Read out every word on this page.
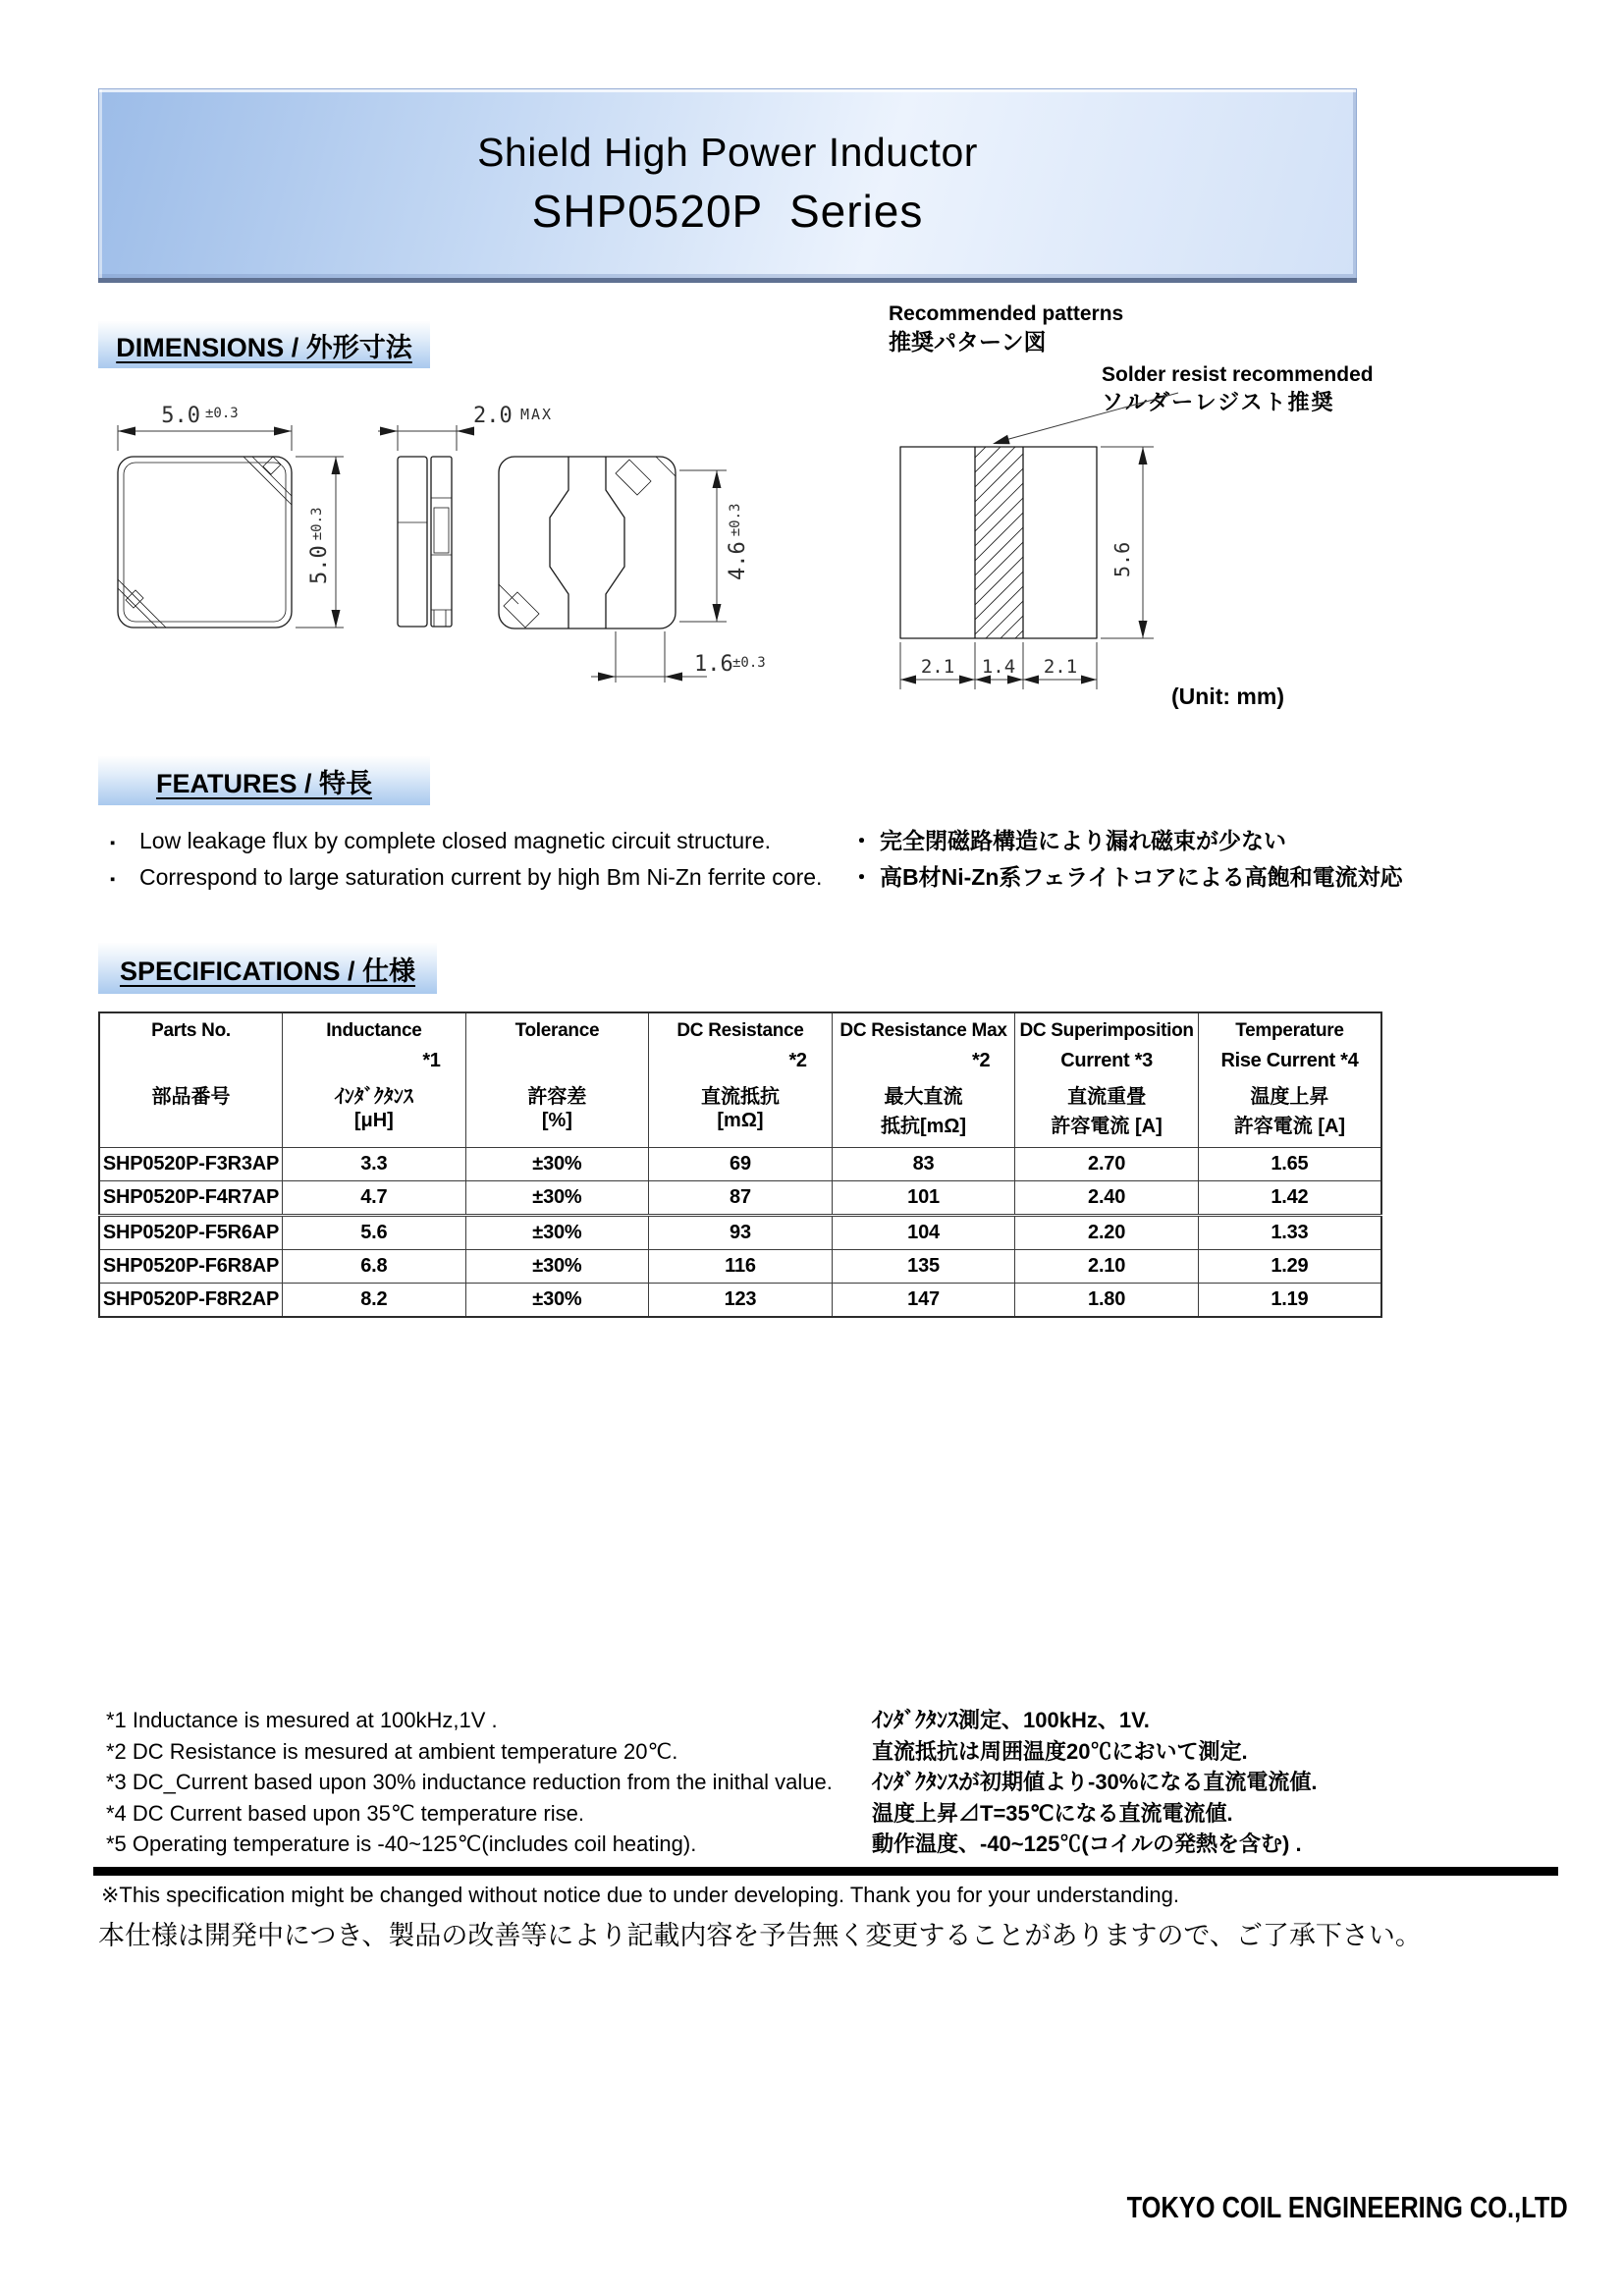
Shield High Power Inductor
SHP0520P  Series
DIMENSIONS / 外形寸法
Recommended patterns
推奨パターン図
Solder resist recommended
ソルダーレジスト推奨
5.0 ±0.3
$5.0^{\pm 0.3}$
2.0 MAX
$4.6^{\pm 0.3}$
1.6 ±0.3
5.6
2.1 1.4 2.1
(Unit: mm)
FEATURES / 特長
▪	Low leakage flux by complete closed magnetic circuit structure.
▪	Correspond to large saturation current by high Bm Ni-Zn ferrite core.
・ 完全閉磁路構造により漏れ磁束が少ない
・ 高B材Ni-Zn系フェライトコアによる高飽和電流対応
SPECIFICATIONS / 仕様
Parts No.
部品番号

Inductance
*1
ｲﾝﾀﾞｸﾀﾝｽ
[μH]

Tolerance
許容差
[%]

DC Resistance
*2
直流抵抗
[mΩ]

DC Resistance Max
*2
最大直流
抵抗[mΩ]

DC Superimposition
Current *3
直流重畳
許容電流 [A]

Temperature
Rise Current *4
温度上昇
許容電流 [A]

SHP0520P-F3R3AP	3.3	±30%	69	83	2.70	1.65
SHP0520P-F4R7AP	4.7	±30%	87	101	2.40	1.42
SHP0520P-F5R6AP	5.6	±30%	93	104	2.20	1.33
SHP0520P-F6R8AP	6.8	±30%	116	135	2.10	1.29
SHP0520P-F8R2AP	8.2	±30%	123	147	1.80	1.19
*1 Inductance is mesured at 100kHz,1V .
*2 DC Resistance is mesured at ambient temperature 20℃.
*3 DC_Current based upon 30% inductance reduction from the inithal value.
*4 DC Current based upon 35℃ temperature rise.
*5 Operating temperature is -40~125℃(includes coil heating).
ｲﾝﾀﾞｸﾀﾝｽ測定、100kHz、1V.
直流抵抗は周囲温度20℃において測定.
ｲﾝﾀﾞｸﾀﾝｽが初期値より-30%になる直流電流値.
温度上昇⊿T=35℃になる直流電流値.
動作温度、-40~125℃(コイルの発熱を含む) .
※This specification might be changed without notice due to under developing. Thank you for your understanding.
本仕様は開発中につき、製品の改善等により記載内容を予告無く変更することがありますので、ご了承下さい。
TOKYO COIL ENGINEERING CO.,LTD
